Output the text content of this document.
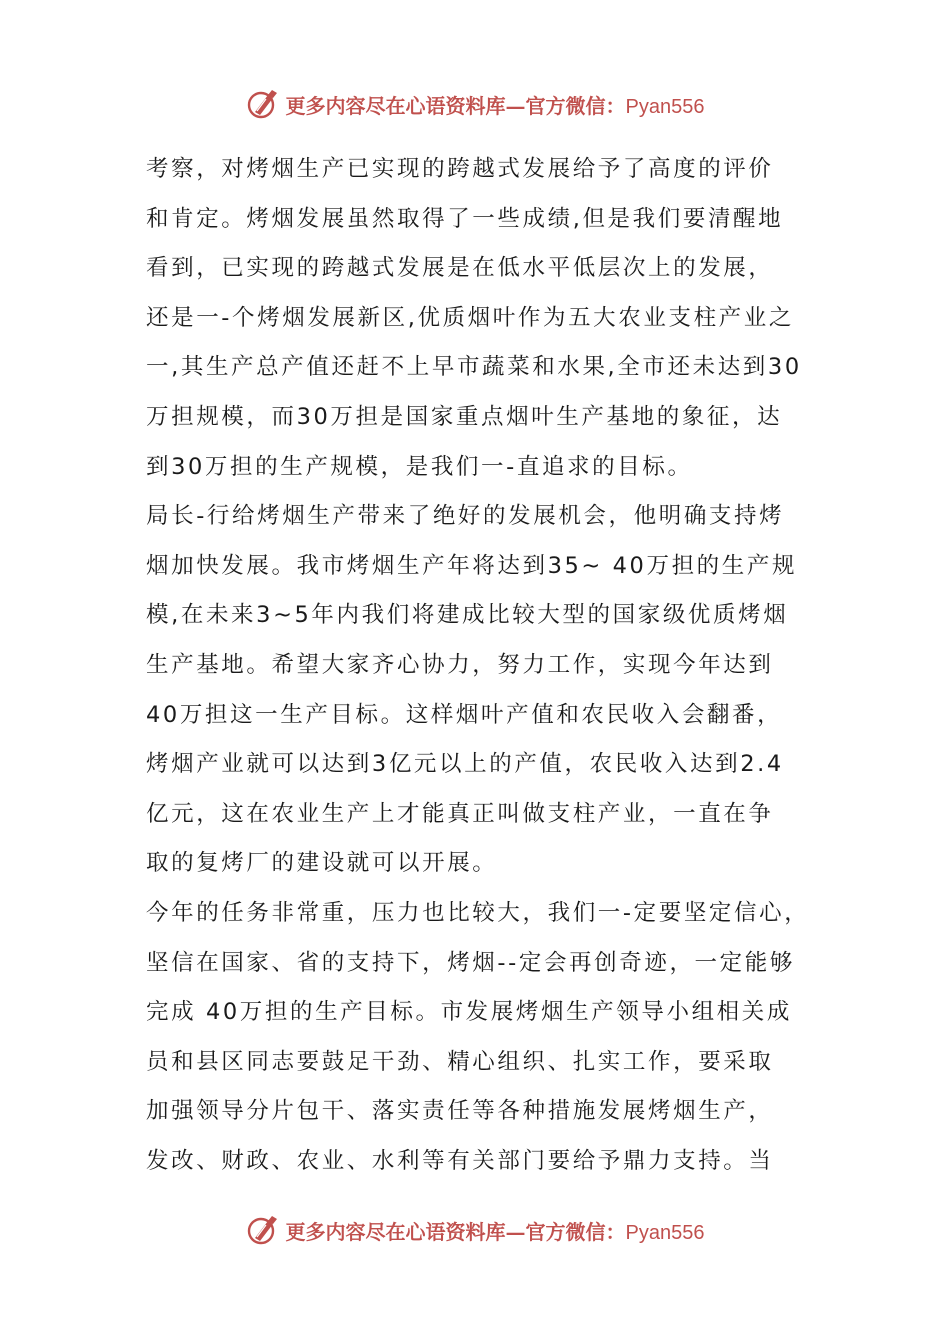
更多内容尽在心语资料库—官方微信：Pyan556
考察，对烤烟生产已实现的跨越式发展给予了高度的评价
和肯定。烤烟发展虽然取得了一些成绩,但是我们要清醒地
看到，已实现的跨越式发展是在低水平低层次上的发展，
还是一-个烤烟发展新区,优质烟叶作为五大农业支柱产业之
一,其生产总产值还赶不上早市蔬菜和水果,全市还未达到30
万担规模，而30万担是国家重点烟叶生产基地的象征，达
到30万担的生产规模，是我们一-直追求的目标。
局长-行给烤烟生产带来了绝好的发展机会，他明确支持烤
烟加快发展。我市烤烟生产年将达到35~ 40万担的生产规
模,在未来3~5年内我们将建成比较大型的国家级优质烤烟
生产基地。希望大家齐心协力，努力工作，实现今年达到
40万担这一生产目标。这样烟叶产值和农民收入会翻番，
烤烟产业就可以达到3亿元以上的产值，农民收入达到2.4
亿元，这在农业生产上才能真正叫做支柱产业，一直在争
取的复烤厂的建设就可以开展。
今年的任务非常重，压力也比较大，我们一-定要坚定信心，
坚信在国家、省的支持下，烤烟--定会再创奇迹，一定能够
完成 40万担的生产目标。市发展烤烟生产领导小组相关成
员和县区同志要鼓足干劲、精心组织、扎实工作，要采取
加强领导分片包干、落实责任等各种措施发展烤烟生产，
发改、财政、农业、水利等有关部门要给予鼎力支持。当
更多内容尽在心语资料库—官方微信：Pyan556
